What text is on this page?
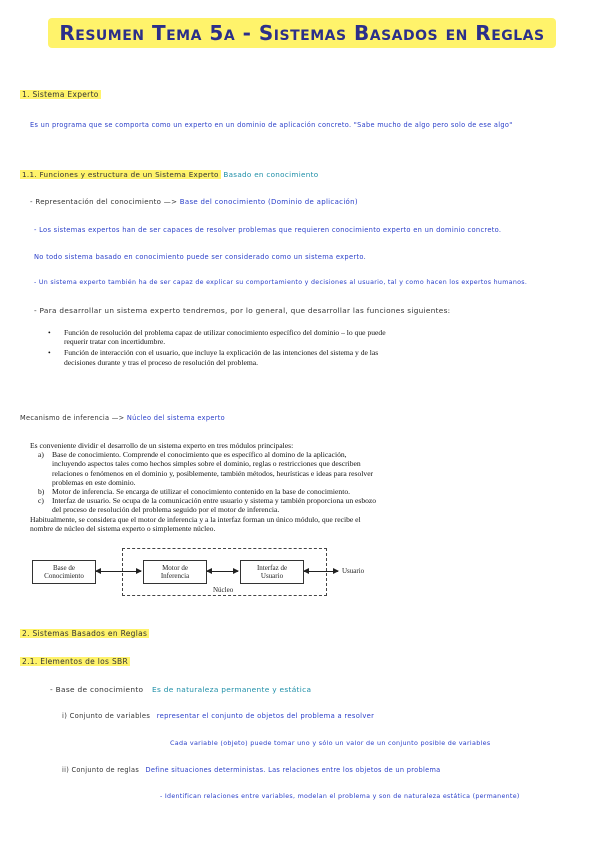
Resumen Tema 5a - Sistemas Basados en Reglas
1. Sistema Experto
Es un programa que se comporta como un experto en un dominio de aplicación concreto. "Sabe mucho de algo pero solo de ese algo"
1.1. Funciones y estructura de un Sistema Experto Basado en conocimiento
- Representación del conocimiento —> Base del conocimiento (Dominio de aplicación)
- Los sistemas expertos han de ser capaces de resolver problemas que requieren conocimiento experto en un dominio concreto.
No todo sistema basado en conocimiento puede ser considerado como un sistema experto.
- Un sistema experto también ha de ser capaz de explicar su comportamiento y decisiones al usuario, tal y como hacen los expertos humanos.
- Para desarrollar un sistema experto tendremos, por lo general, que desarrollar las funciones siguientes:
• Función de resolución del problema capaz de utilizar conocimiento específico del dominio – lo que puede requerir tratar con incertidumbre.
• Función de interacción con el usuario, que incluye la explicación de las intenciones del sistema y de las decisiones durante y tras el proceso de resolución del problema.
Mecanismo de inferencia —> Núcleo del sistema experto
Es conveniente dividir el desarrollo de un sistema experto en tres módulos principales:
a) Base de conocimiento. Comprende el conocimiento que es específico al domino de la aplicación, incluyendo aspectos tales como hechos simples sobre el dominio, reglas o restricciones que describen relaciones o fenómenos en el dominio y, posiblemente, también métodos, heurísticas e ideas para resolver problemas en este dominio.
b) Motor de inferencia. Se encarga de utilizar el conocimiento contenido en la base de conocimiento.
c) Interfaz de usuario. Se ocupa de la comunicación entre usuario y sistema y también proporciona un esbozo del proceso de resolución del problema seguido por el motor de inferencia.
Habitualmente, se considera que el motor de inferencia y a la interfaz forman un único módulo, que recibe el nombre de núcleo del sistema experto o simplemente núcleo.
Base de
Conocimiento
Motor de
Inferencia
Interfaz de
Usuario
Usuario
Núcleo
2. Sistemas Basados en Reglas
2.1. Elementos de los SBR
- Base de conocimiento Es de naturaleza permanente y estática
i) Conjunto de variables representar el conjunto de objetos del problema a resolver
Cada variable (objeto) puede tomar uno y sólo un valor de un conjunto posible de variables
ii) Conjunto de reglas Define situaciones deterministas. Las relaciones entre los objetos de un problema
- Identifican relaciones entre variables, modelan el problema y son de naturaleza estática (permanente)
